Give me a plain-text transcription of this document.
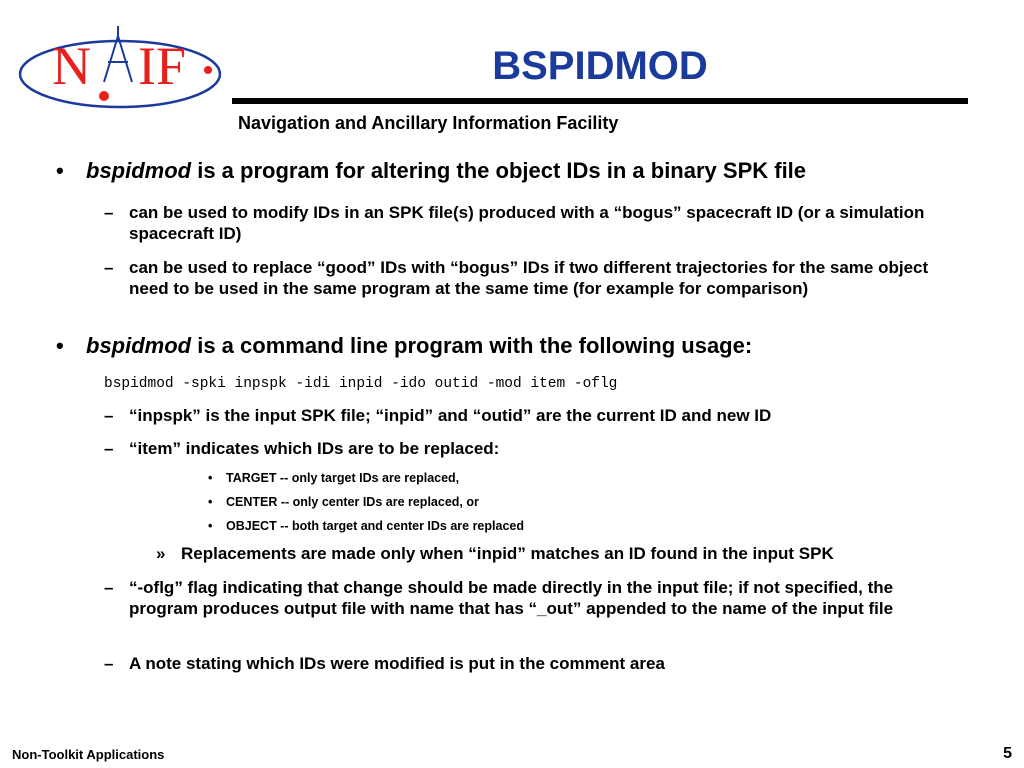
N IF	BSPIDMOD
Navigation and Ancillary Information Facility
• bspidmod is a program for altering the object IDs in a binary SPK file
– can be used to modify IDs in an SPK file(s) produced with a “bogus” spacecraft ID (or a simulation spacecraft ID)
– can be used to replace “good” IDs with “bogus” IDs if two different trajectories for the same object need to be used in the same program at the same time (for example for comparison)
• bspidmod is a command line program with the following usage:
bspidmod -spki inpspk -idi inpid -ido outid -mod item -oflg
– “inpspk” is the input SPK file; “inpid” and “outid” are the current ID and new ID
– “item” indicates which IDs are to be replaced:
• TARGET -- only target IDs are replaced,
• CENTER -- only center IDs are replaced, or
• OBJECT -- both target and center IDs are replaced
» Replacements are made only when “inpid” matches an ID found in the input SPK
– “-oflg” flag indicating that change should be made directly in the input file; if not specified, the program produces output file with name that has “_out” appended to the name of the input file
– A note stating which IDs were modified is put in the comment area
Non-Toolkit Applications	5
